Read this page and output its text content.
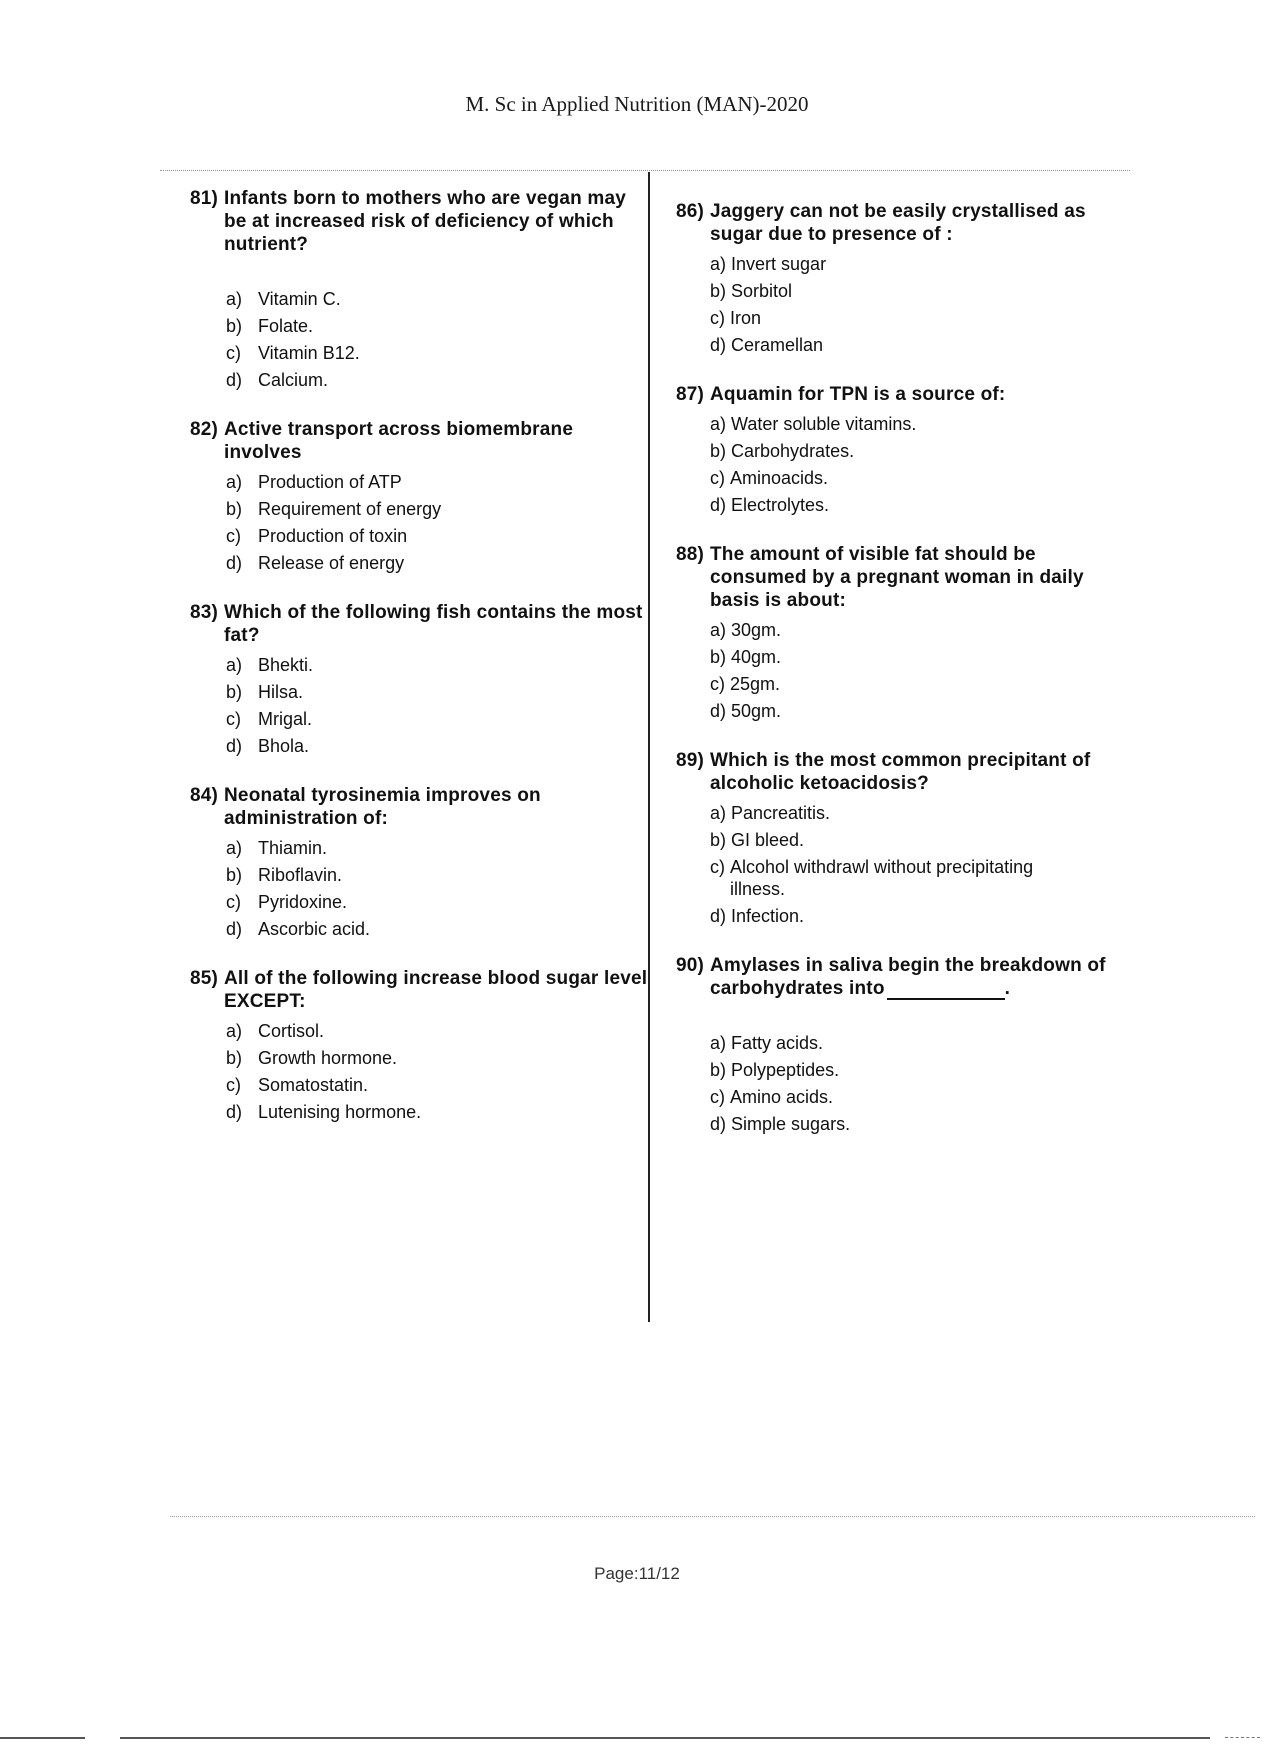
M. Sc in Applied Nutrition (MAN)-2020
81) Infants born to mothers who are vegan may be at increased risk of deficiency of which nutrient?
a) Vitamin C.
b) Folate.
c) Vitamin B12.
d) Calcium.
82) Active transport across biomembrane involves
a) Production of ATP
b) Requirement of energy
c) Production of toxin
d) Release of energy
83) Which of the following fish contains the most fat?
a) Bhekti.
b) Hilsa.
c) Mrigal.
d) Bhola.
84) Neonatal tyrosinemia improves on administration of:
a) Thiamin.
b) Riboflavin.
c) Pyridoxine.
d) Ascorbic acid.
85) All of the following increase blood sugar level EXCEPT:
a) Cortisol.
b) Growth hormone.
c) Somatostatin.
d) Lutenising hormone.
86) Jaggery can not be easily crystallised as sugar due to presence of :
a) Invert sugar
b) Sorbitol
c) Iron
d) Ceramellan
87) Aquamin for TPN is a source of:
a) Water soluble vitamins.
b) Carbohydrates.
c) Aminoacids.
d) Electrolytes.
88) The amount of visible fat should be consumed by a pregnant woman in daily basis is about:
a) 30gm.
b) 40gm.
c) 25gm.
d) 50gm.
89) Which is the most common precipitant of alcoholic ketoacidosis?
a) Pancreatitis.
b) GI bleed.
c) Alcohol withdrawl without precipitating illness.
d) Infection.
90) Amylases in saliva begin the breakdown of carbohydrates into	.
a) Fatty acids.
b) Polypeptides.
c) Amino acids.
d) Simple sugars.
Page:11/12
